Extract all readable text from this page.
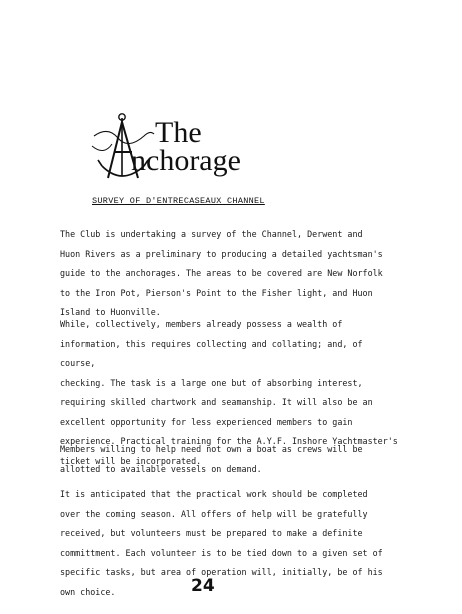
The
nchorage
SURVEY OF D'ENTRECASEAUX CHANNEL

The Club is undertaking a survey of the Channel, Derwent and
Huon Rivers as a preliminary to producing a detailed yachtsman's
guide to the anchorages. The areas to be covered are New Norfolk
to the Iron Pot, Pierson's Point to the Fisher light, and Huon
Island to Huonville.

While, collectively, members already possess a wealth of
information, this requires collecting and collating; and, of course,
checking. The task is a large one but of absorbing interest,
requiring skilled chartwork and seamanship. It will also be an
excellent opportunity for less experienced members to gain
experience. Practical training for the A.Y.F. Inshore Yachtmaster's
ticket will be incorporated.

Members willing to help need not own a boat as crews will be
allotted to available vessels on demand.

It is anticipated that the practical work should be completed
over the coming season. All offers of help will be gratefully
received, but volunteers must be prepared to make a definite
committment. Each volunteer is to be tied down to a given set of
specific tasks, but area of operation will, initially, be of his
own choice.	24
